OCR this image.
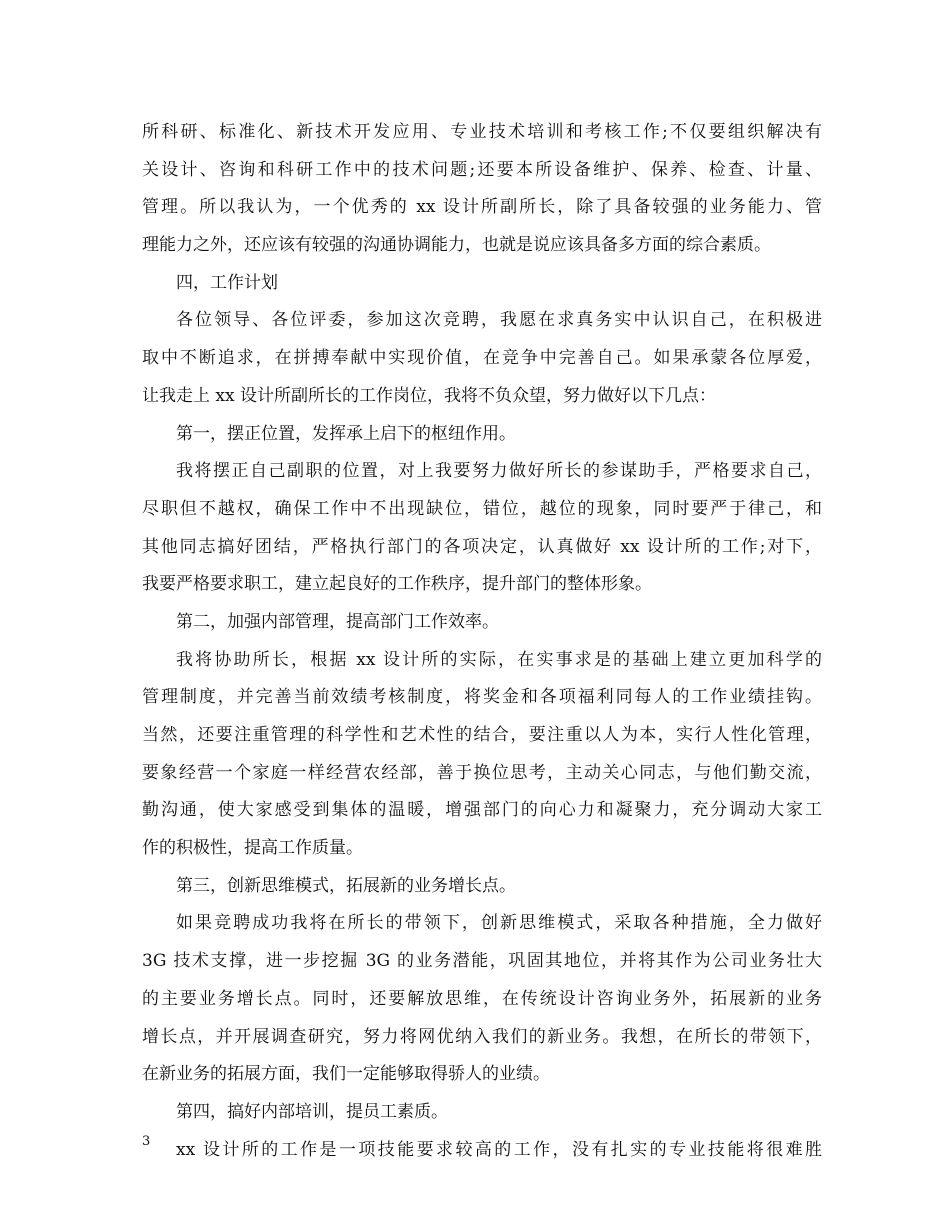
所科研、标准化、新技术开发应用、专业技术培训和考核工作;不仅要组织解决有
关设计、咨询和科研工作中的技术问题;还要本所设备维护、保养、检查、计量、
管理。所以我认为，一个优秀的 xx 设计所副所长，除了具备较强的业务能力、管
理能力之外，还应该有较强的沟通协调能力，也就是说应该具备多方面的综合素质。
四，工作计划
各位领导、各位评委，参加这次竞聘，我愿在求真务实中认识自己，在积极进
取中不断追求，在拼搏奉献中实现价值，在竞争中完善自己。如果承蒙各位厚爱，
让我走上 xx 设计所副所长的工作岗位，我将不负众望，努力做好以下几点：
第一，摆正位置，发挥承上启下的枢纽作用。
我将摆正自己副职的位置，对上我要努力做好所长的参谋助手，严格要求自己，
尽职但不越权，确保工作中不出现缺位，错位，越位的现象，同时要严于律己，和
其他同志搞好团结，严格执行部门的各项决定，认真做好 xx 设计所的工作;对下，
我要严格要求职工，建立起良好的工作秩序，提升部门的整体形象。
第二，加强内部管理，提高部门工作效率。
我将协助所长，根据 xx 设计所的实际，在实事求是的基础上建立更加科学的
管理制度，并完善当前效绩考核制度，将奖金和各项福利同每人的工作业绩挂钩。
当然，还要注重管理的科学性和艺术性的结合，要注重以人为本，实行人性化管理，
要象经营一个家庭一样经营农经部，善于换位思考，主动关心同志，与他们勤交流，
勤沟通，使大家感受到集体的温暖，增强部门的向心力和凝聚力，充分调动大家工
作的积极性，提高工作质量。
第三，创新思维模式，拓展新的业务增长点。
如果竞聘成功我将在所长的带领下，创新思维模式，采取各种措施，全力做好
3G 技术支撑，进一步挖掘 3G 的业务潜能，巩固其地位，并将其作为公司业务壮大
的主要业务增长点。同时，还要解放思维，在传统设计咨询业务外，拓展新的业务
增长点，并开展调查研究，努力将网优纳入我们的新业务。我想，在所长的带领下，
在新业务的拓展方面，我们一定能够取得骄人的业绩。
第四，搞好内部培训，提员工素质。
xx 设计所的工作是一项技能要求较高的工作，没有扎实的专业技能将很难胜
3
